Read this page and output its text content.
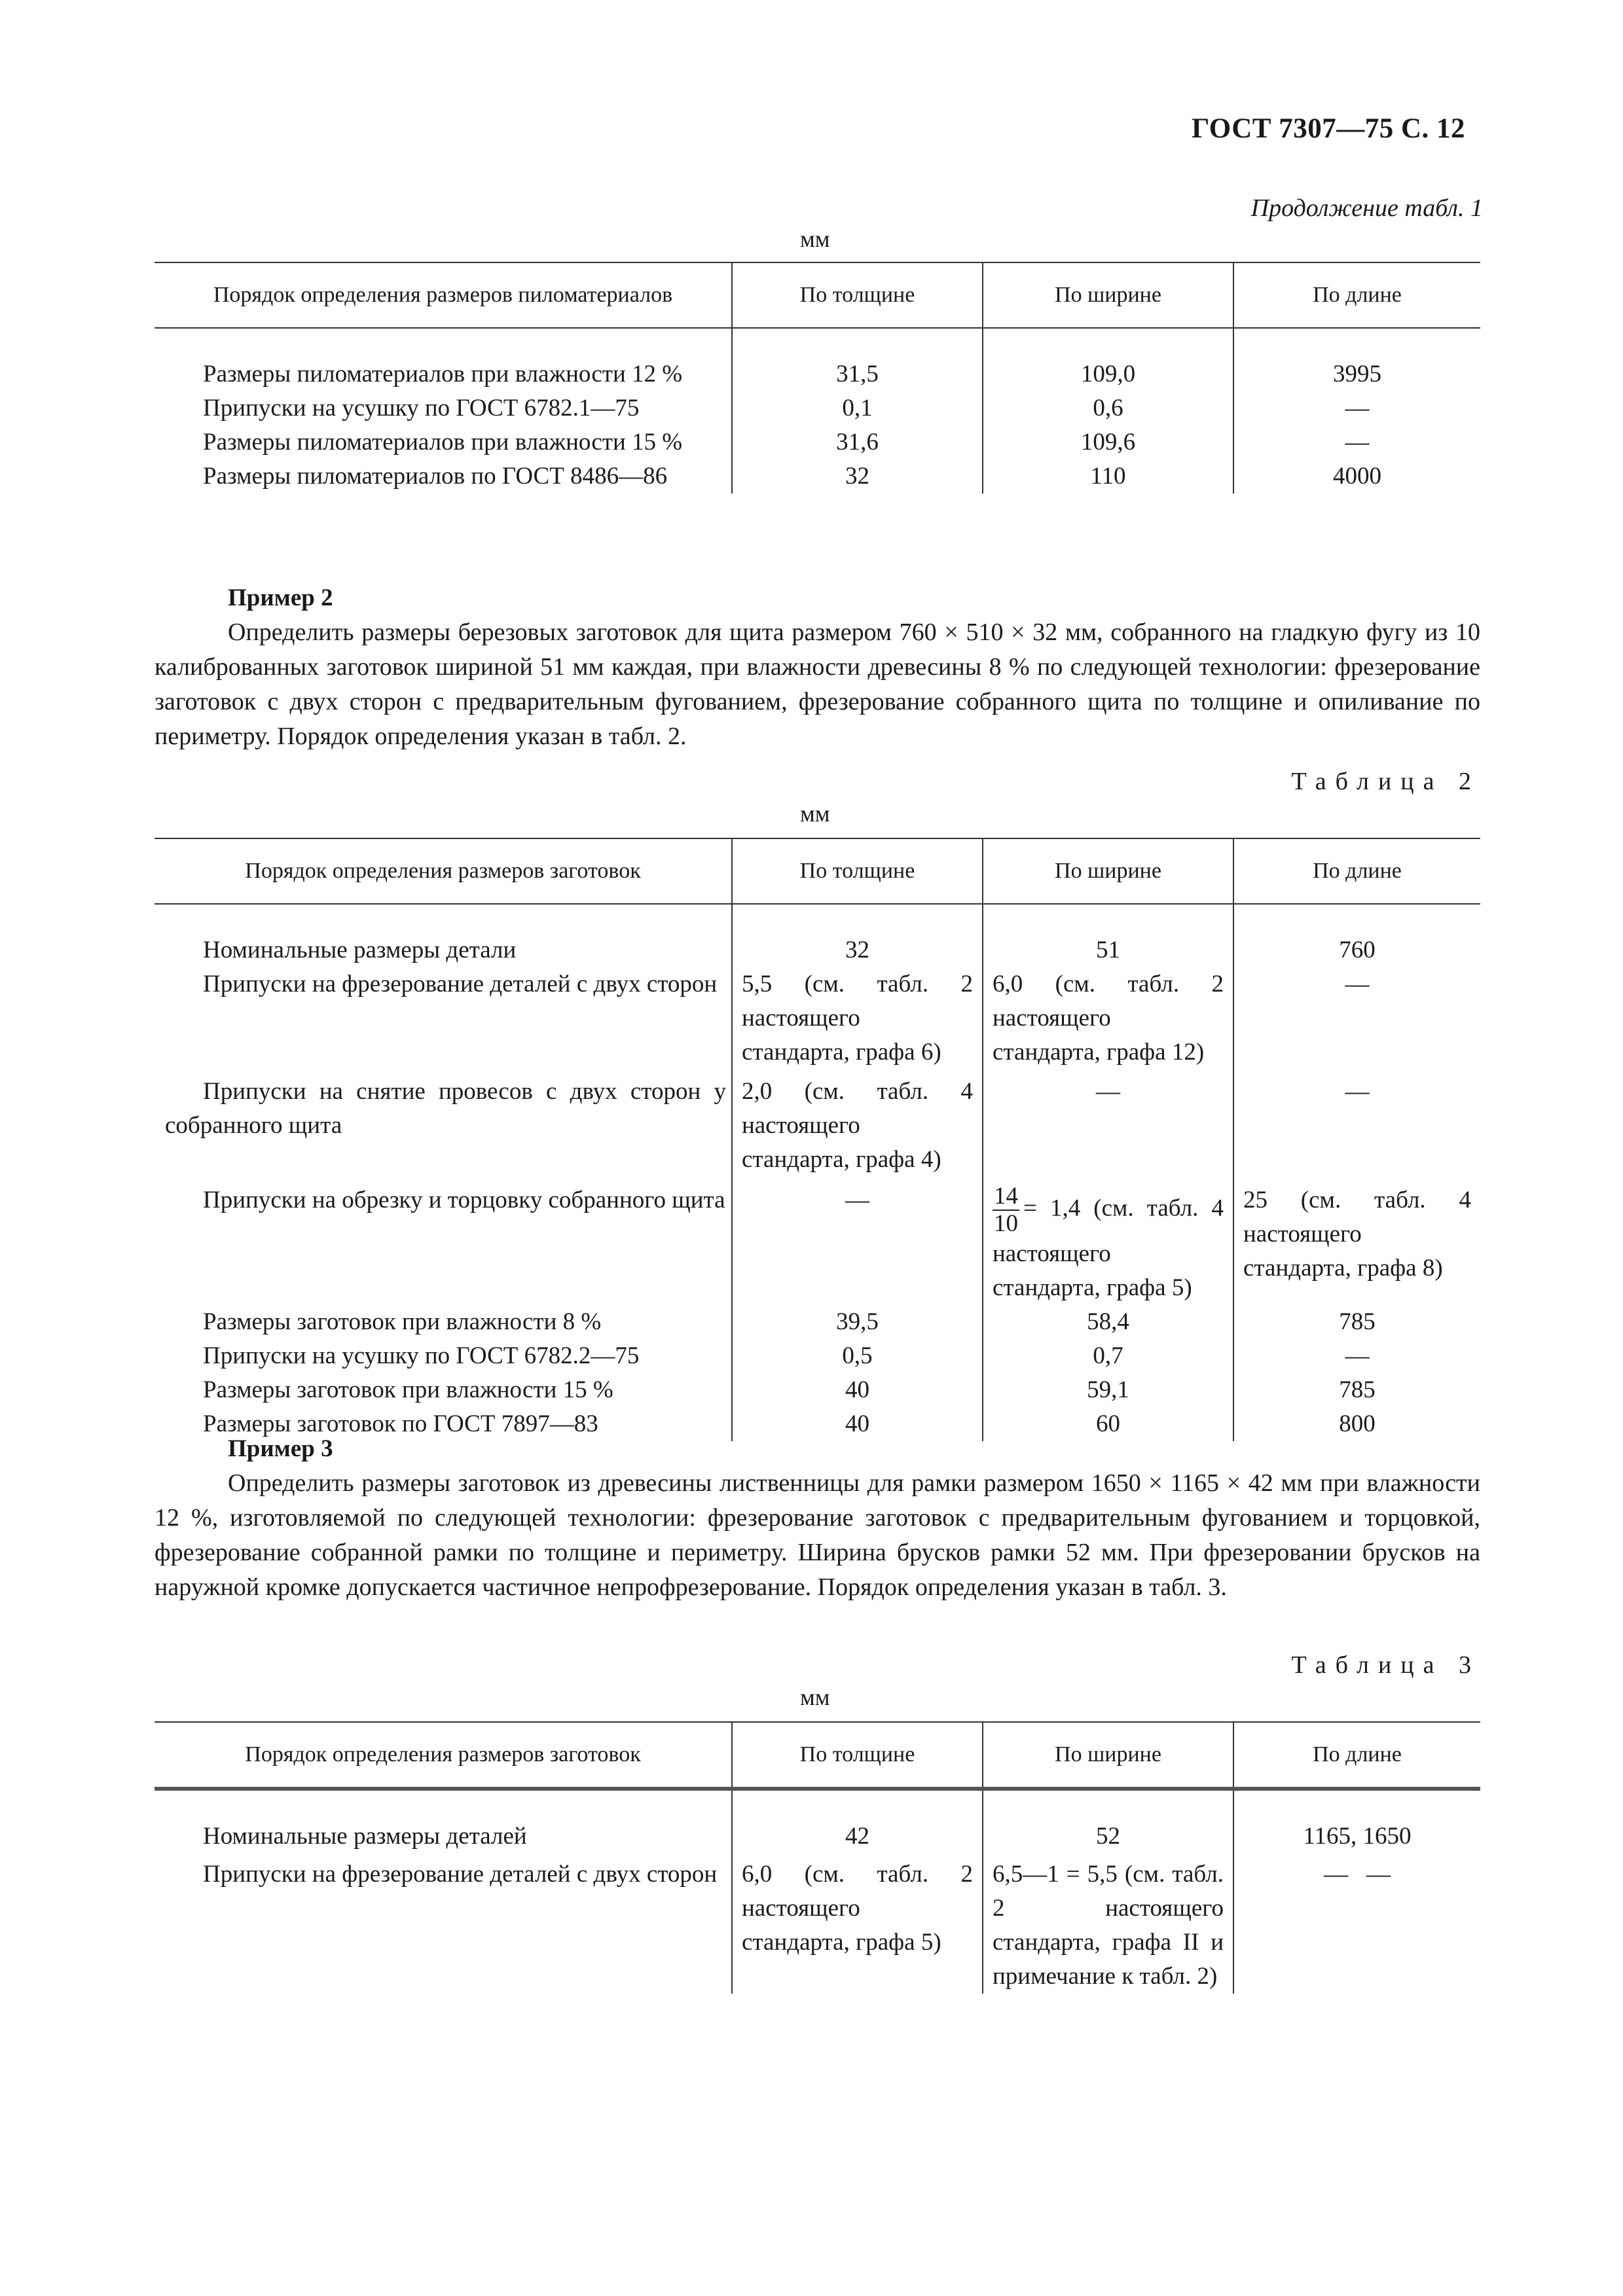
ГОСТ 7307—75 С. 12
Продолжение табл. 1
мм
Порядок определения размеров пиломатериалов	По толщине	По ширине	По длине

Размеры пиломатериалов при влажности 12 %	31,5	109,0	3995
Припуски на усушку по ГОСТ 6782.1—75	0,1	0,6	—
Размеры пиломатериалов при влажности 15 %	31,6	109,6	—
Размеры пиломатериалов по ГОСТ 8486—86	32	110	4000
Пример 2
Определить размеры березовых заготовок для щита размером 760 × 510 × 32 мм, собранного на гладкую фугу из 10 калиброванных заготовок шириной 51 мм каждая, при влажности древесины 8 % по следующей технологии: фрезерование заготовок с двух сторон с предварительным фугованием, фрезерование собранного щита по толщине и опиливание по периметру. Порядок определения указан в табл. 2.
Таблица 2
мм
Порядок определения размеров заготовок	По толщине	По ширине	По длине

Номинальные размеры детали	32	51	760
Припуски на фрезерование деталей с двух сторон	5,5 (см. табл. 2 настоящего стандарта, графа 6)	6,0 (см. табл. 2 настоящего стандарта, графа 12)	—
Припуски на снятие провесов с двух сторон у собранного щита	2,0 (см. табл. 4 настоящего стандарта, графа 4)	—	—
Припуски на обрезку и торцовку собранного щита	—	$\frac{14}{10} = 1,4$ (см. табл. 4 настоящего стандарта, графа 5)	25 (см. табл. 4 настоящего стандарта, графа 8)
Размеры заготовок при влажности 8 %	39,5	58,4	785
Припуски на усушку по ГОСТ 6782.2—75	0,5	0,7	—
Размеры заготовок при влажности 15 %	40	59,1	785
Размеры заготовок по ГОСТ 7897—83	40	60	800
Пример 3
Определить размеры заготовок из древесины лиственницы для рамки размером 1650 × 1165 × 42 мм при влажности 12 %, изготовляемой по следующей технологии: фрезерование заготовок с предварительным фугованием и торцовкой, фрезерование собранной рамки по толщине и периметру. Ширина брусков рамки 52 мм. При фрезеровании брусков на наружной кромке допускается частичное непрофрезерование. Порядок определения указан в табл. 3.
Таблица 3
мм
Порядок определения размеров заготовок	По толщине	По ширине	По длине

Номинальные размеры деталей	42	52	1165, 1650
Припуски на фрезерование деталей с двух сторон	6,0 (см. табл. 2 настоящего стандарта, графа 5)	6,5—1 = 5,5 (см. табл. 2 настоящего стандарта, графа II и примечание к табл. 2)	—   —
